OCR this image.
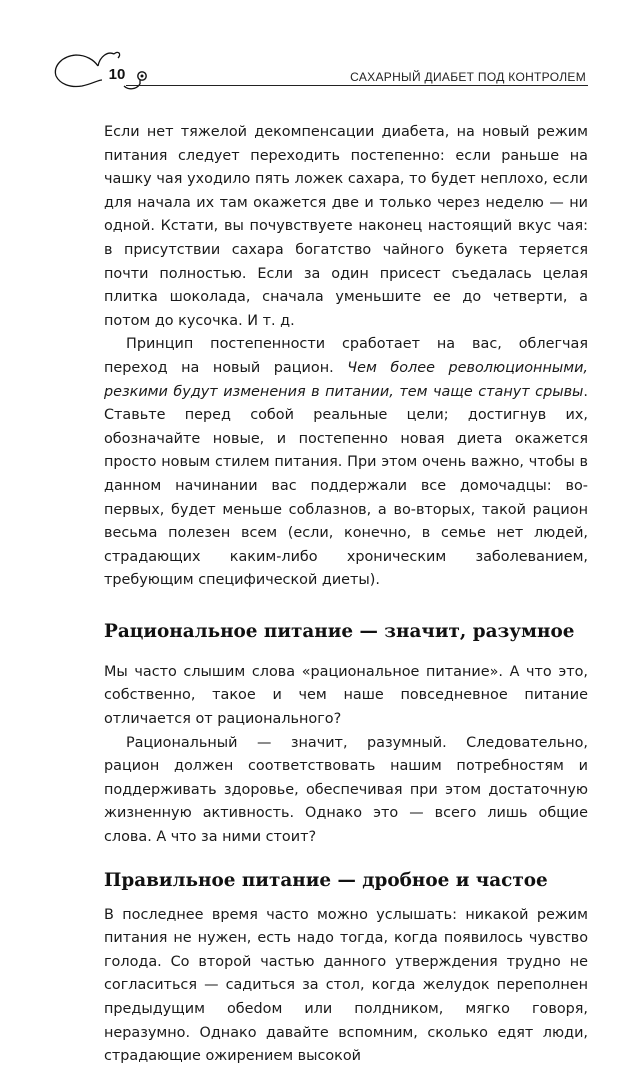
10	САХАРНЫЙ ДИАБЕТ ПОД КОНТРОЛЕМ

Если нет тяжелой декомпенсации диабета, на новый режим питания следует переходить постепенно: если раньше на чашку чая уходило пять ложек сахара, то будет неплохо, если для начала их там окажется две и только через неделю — ни одной. Кстати, вы почувствуете наконец настоящий вкус чая: в присутствии сахара богатство чайного букета теряется почти полностью. Если за один присест съедалась целая плитка шоколада, сначала уменьшите ее до четверти, а потом до кусочка. И т. д.

Принцип постепенности сработает на вас, облегчая переход на новый рацион. Чем более революционными, резкими будут изменения в питании, тем чаще станут срывы. Ставьте перед собой реальные цели; достигнув их, обозначайте новые, и постепенно новая диета окажется просто новым стилем питания. При этом очень важно, чтобы в данном начинании вас поддержали все домочадцы: во-первых, будет меньше соблазнов, а во-вторых, такой рацион весьма полезен всем (если, конечно, в семье нет людей, страдающих каким-либо хроническим заболеванием, требующим специфической диеты).

Рациональное питание — значит, разумное

Мы часто слышим слова «рациональное питание». А что это, собственно, такое и чем наше повседневное питание отличается от рационального?

Рациональный — значит, разумный. Следовательно, рацион должен соответствовать нашим потребностям и поддерживать здоровье, обеспечивая при этом достаточную жизненную активность. Однако это — всего лишь общие слова. А что за ними стоит?

Правильное питание — дробное и частое

В последнее время часто можно услышать: никакой режим питания не нужен, есть надо тогда, когда появилось чувство голода. Со второй частью данного утверждения трудно не согласиться — садиться за стол, когда желудок переполнен предыдущим обеdом или полдником, мягко говоря, неразумно. Однако давайте вспомним, сколько едят люди, страдающие ожирением высокой
